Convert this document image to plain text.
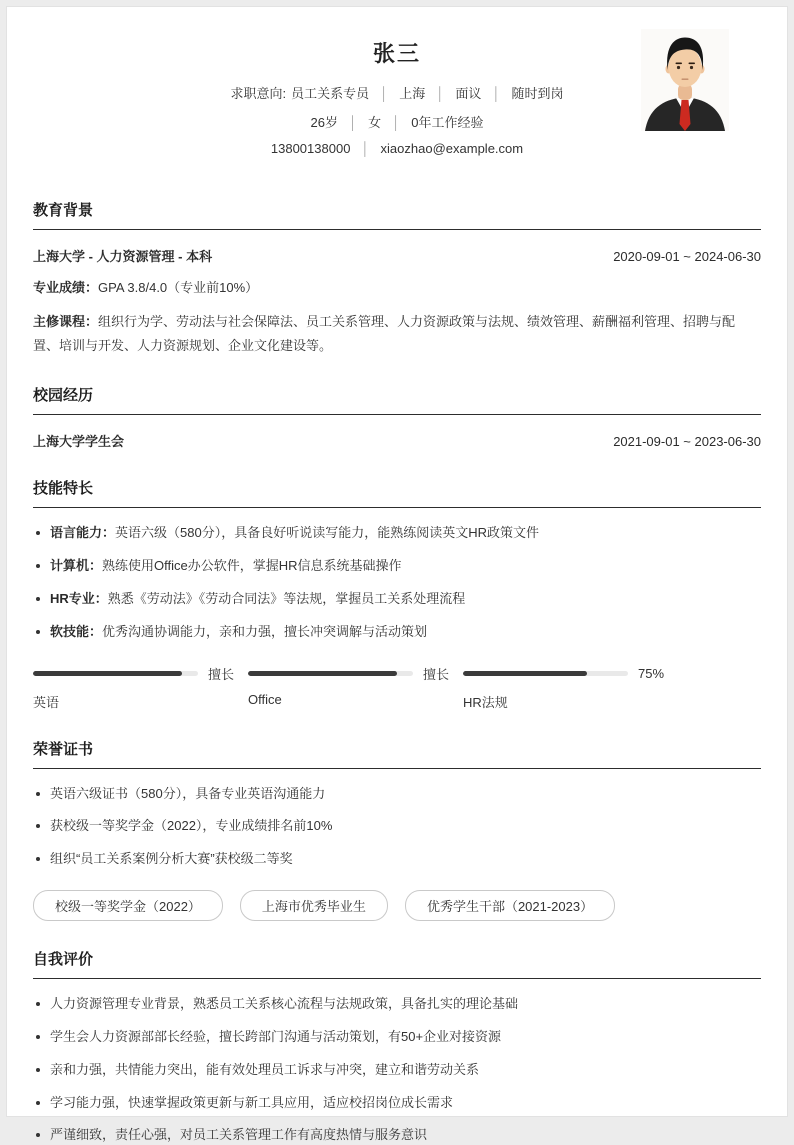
张三
求职意向: 员工关系专员 │ 上海 │ 面议 │ 随时到岗
26岁 │ 女 │ 0年工作经验
13800138000 │ xiaozhao@example.com
教育背景
上海大学 - 人力资源管理 - 本科	2020-09-01 ~ 2024-06-30
专业成绩：GPA 3.8/4.0（专业前10%）
主修课程：组织行为学、劳动法与社会保障法、员工关系管理、人力资源政策与法规、绩效管理、薪酬福利管理、招聘与配置、培训与开发、人力资源规划、企业文化建设等。
校园经历
上海大学学生会	2021-09-01 ~ 2023-06-30
技能特长
语言能力：英语六级（580分），具备良好听说读写能力，能熟练阅读英文HR政策文件
计算机：熟练使用Office办公软件，掌握HR信息系统基础操作
HR专业：熟悉《劳动法》《劳动合同法》等法规，掌握员工关系处理流程
软技能：优秀沟通协调能力，亲和力强，擅长冲突调解与活动策划
擅长
英语
擅长
Office
75%
HR法规
荣誉证书
英语六级证书（580分），具备专业英语沟通能力
获校级一等奖学金（2022），专业成绩排名前10%
组织“员工关系案例分析大赛”获校级二等奖
校级一等奖学金（2022）	上海市优秀毕业生	优秀学生干部（2021-2023）
自我评价
人力资源管理专业背景，熟悉员工关系核心流程与法规政策，具备扎实的理论基础
学生会人力资源部部长经验，擅长跨部门沟通与活动策划，有50+企业对接资源
亲和力强，共情能力突出，能有效处理员工诉求与冲突，建立和谐劳动关系
学习能力强，快速掌握政策更新与新工具应用，适应校招岗位成长需求
严谨细致，责任心强，对员工关系管理工作有高度热情与服务意识
